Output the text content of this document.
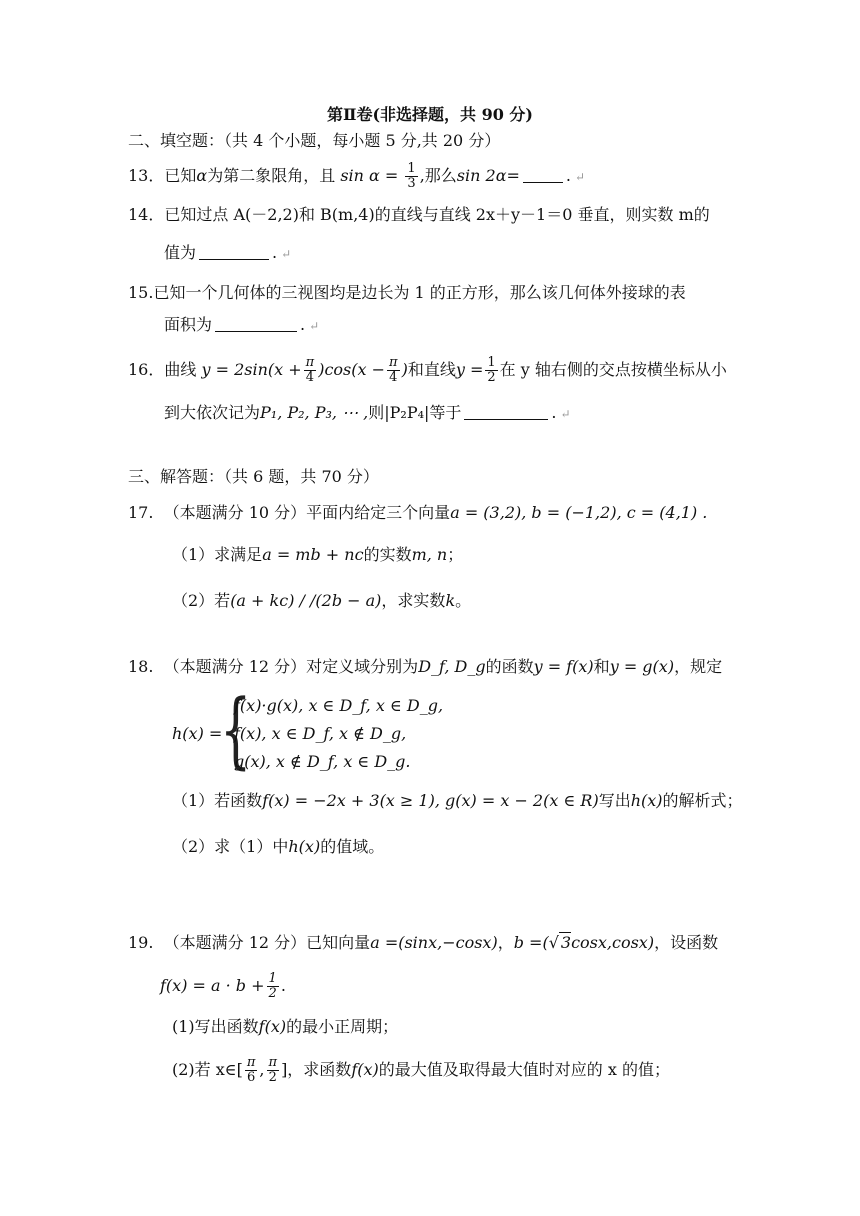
第Ⅱ卷(非选择题，共 90 分)
二、填空题：（共 4 个小题，每小题 5 分,共 20 分）
13．已知α为第二象限角，且 $\sin \alpha = \frac{1}{3}$ ,那么sin 2α=	. ↵
14．已知过点 A(－2,2)和 B(m,4)的直线与直线 2x＋y－1＝0 垂直，则实数 m的
值为	. ↵
15.已知一个几何体的三视图均是边长为 1 的正方形，那么该几何体外接球的表
面积为	. ↵
16．曲线 $y = 2\sin(x + \frac{\pi}{4} )\cos(x - \frac{\pi}{4}$ )和直线$y = \frac{1}{2}$ 在 y 轴右侧的交点按横坐标从小
到大依次记为P₁, P₂, P₃, ⋯ ,则|P₂P₄|等于	. ↵
三、解答题：（共 6 题，共 70 分）
17. （本题满分 10 分）平面内给定三个向量a = (3,2), b = (−1,2), c = (4,1) .
（1）求满足a = mb + nc的实数m, n；
（2）若(a + kc) / /(2b − a)，求实数k。
18. （本题满分 12 分）对定义域分别为D_f, D_g的函数y = f(x)和y = g(x)，规定
h(x) =
{
f(x)·g(x), x ∈ D_f, x ∈ D_g,
f(x), x ∈ D_f, x ∉ D_g,
g(x), x ∉ D_f, x ∈ D_g.
（1）若函数f(x) = −2x + 3(x ≥ 1), g(x) = x − 2(x ∈ R)写出h(x)的解析式；
（2）求（1）中h(x)的值域。
19. （本题满分 12 分）已知向量a =(sinx,−cosx)，b =(√ 3cosx,cosx)，设函数
$f(x) = a \cdot b + \frac{1}{2}$ .
(1)写出函数f(x)的最小正周期；
(2)若 x∈[ $\frac{\pi}{6}$ , $\frac{\pi}{2}$ ]，求函数f(x)的最大值及取得最大值时对应的 x 的值；
